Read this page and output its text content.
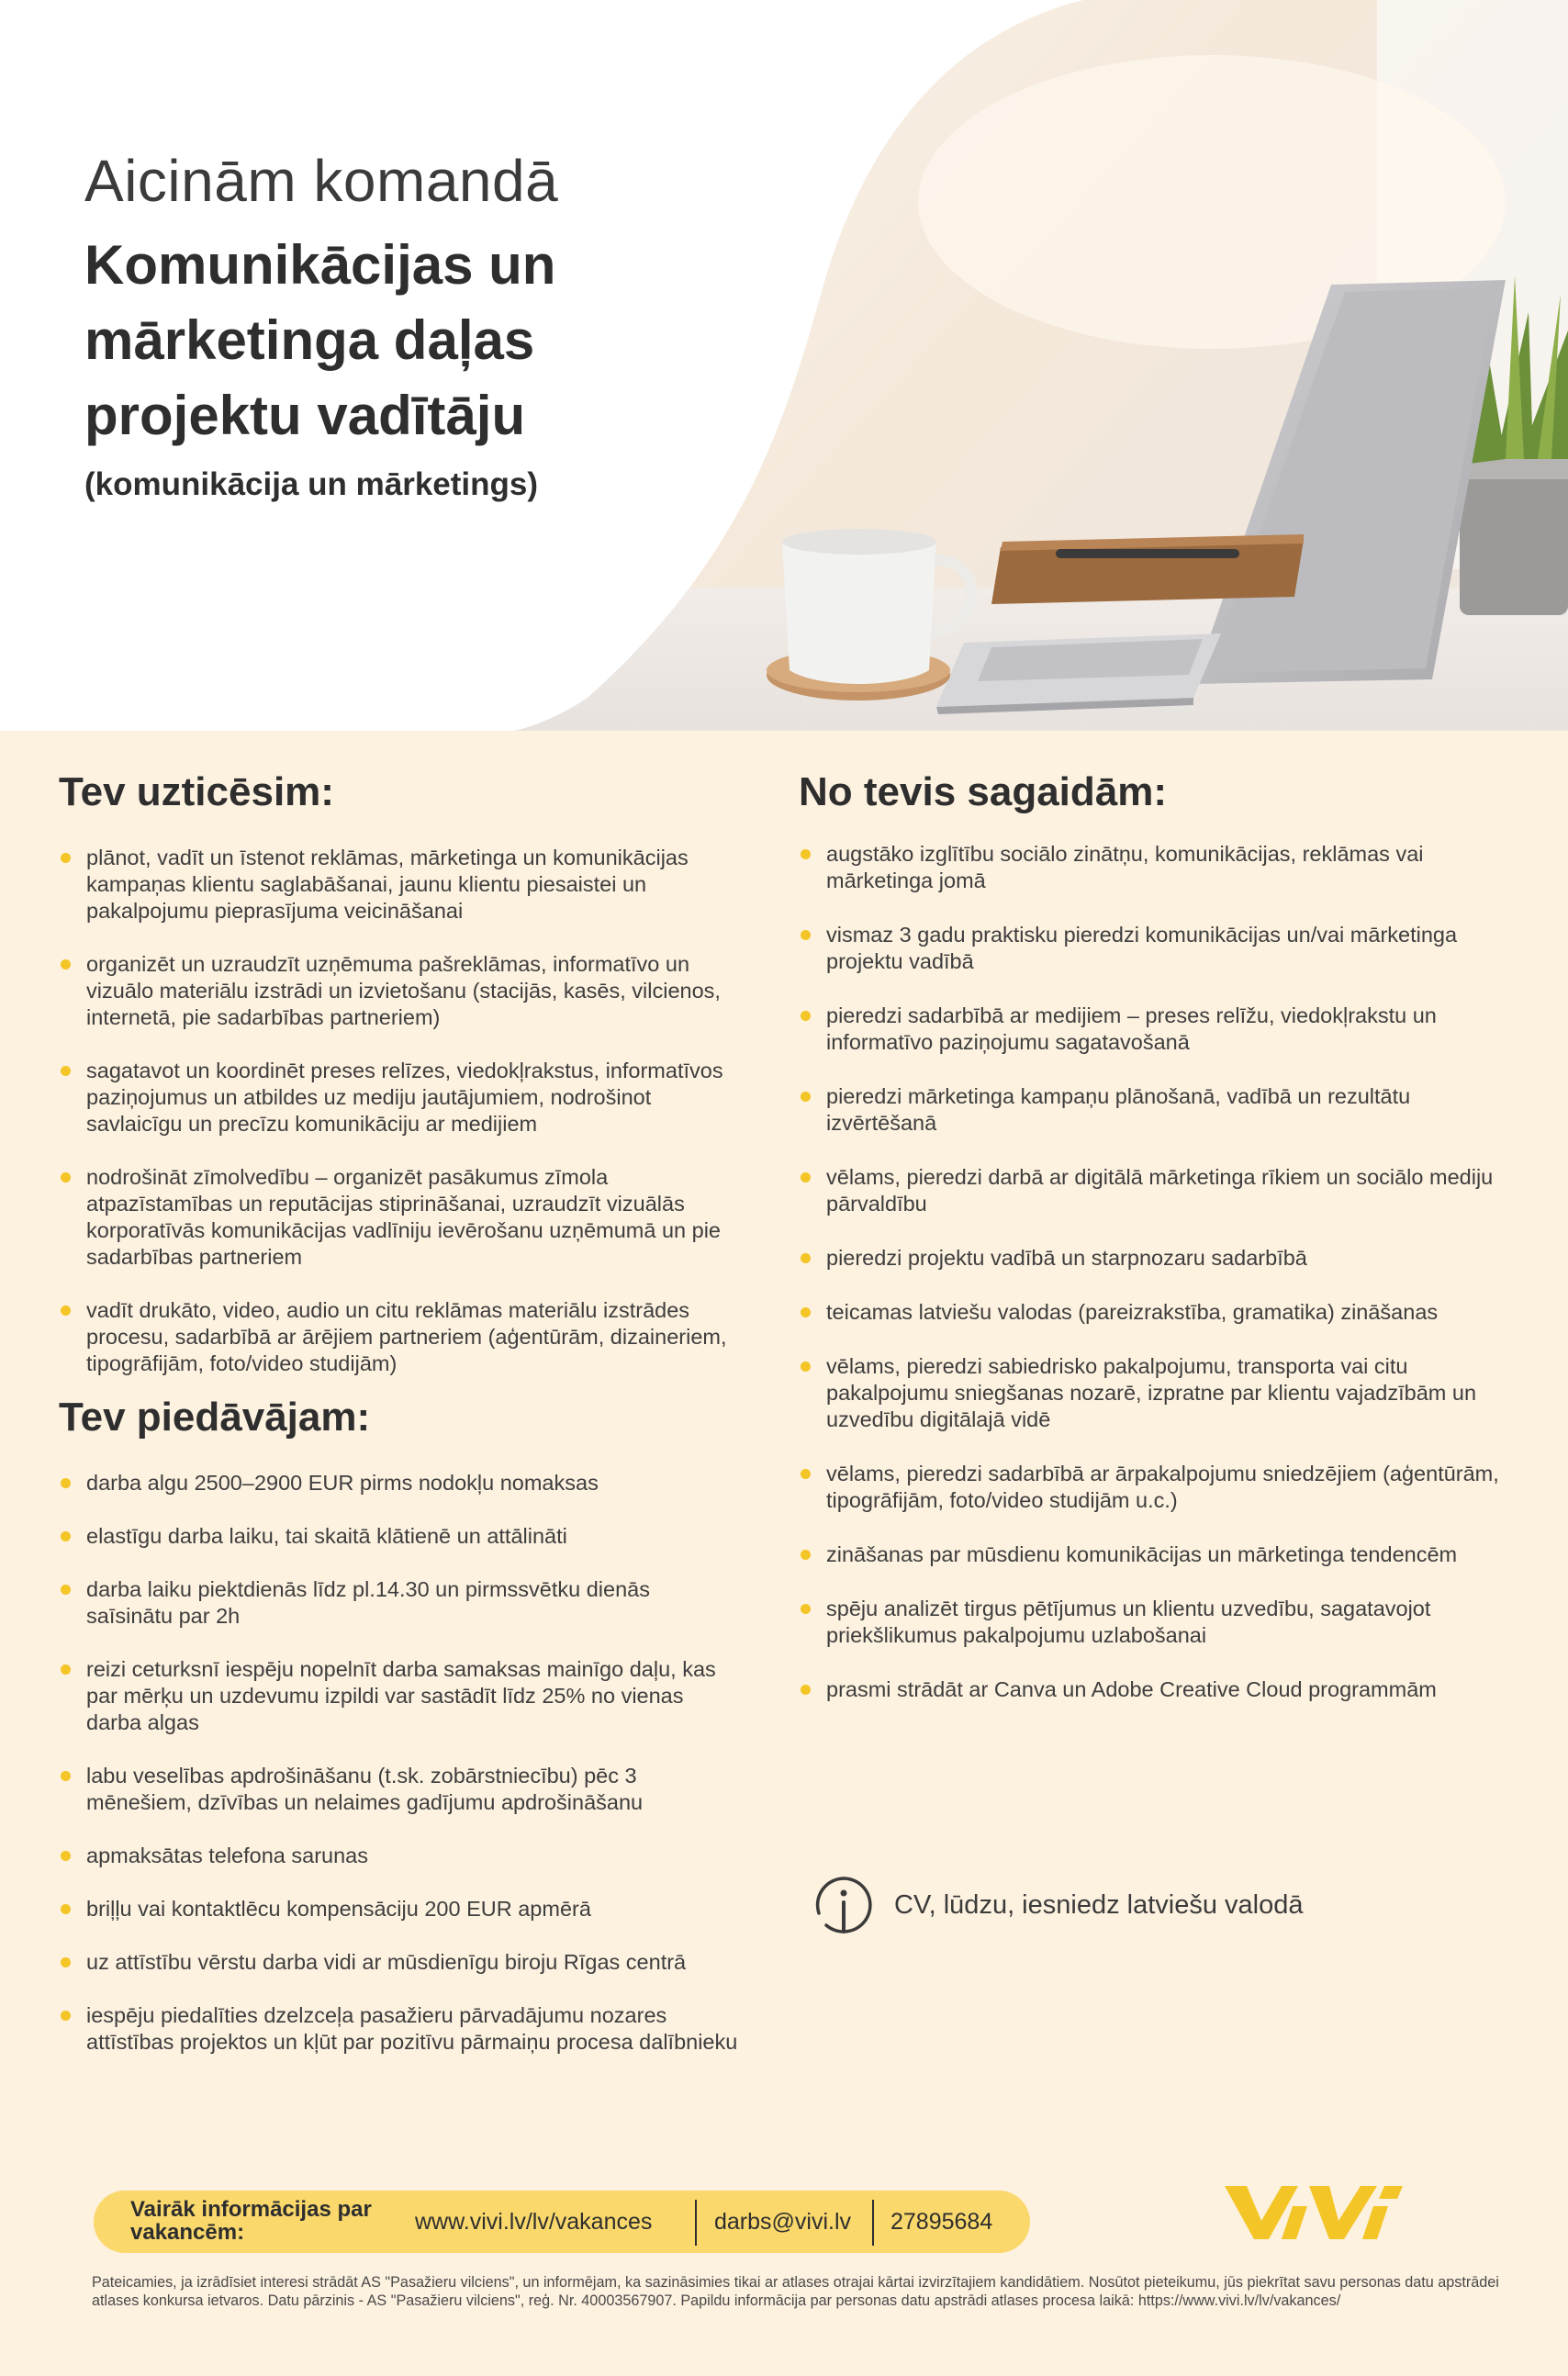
Aicinām komandā

Komunikācijas un
mārketinga daļas
projektu vadītāju

(komunikācija un mārketings)

Tev uzticēsim:
plānot, vadīt un īstenot reklāmas, mārketinga un komunikācijas kampaņas klientu saglabāšanai, jaunu klientu piesaistei un pakalpojumu pieprasījuma veicināšanai
organizēt un uzraudzīt uzņēmuma pašreklāmas, informatīvo un vizuālo materiālu izstrādi un izvietošanu (stacijās, kasēs, vilcienos, internetā, pie sadarbības partneriem)
sagatavot un koordinēt preses relīzes, viedokļrakstus, informatīvos paziņojumus un atbildes uz mediju jautājumiem, nodrošinot savlaicīgu un precīzu komunikāciju ar medijiem
nodrošināt zīmolvedību – organizēt pasākumus zīmola atpazīstamības un reputācijas stiprināšanai, uzraudzīt vizuālās korporatīvās komunikācijas vadlīniju ievērošanu uzņēmumā un pie sadarbības partneriem
vadīt drukāto, video, audio un citu reklāmas materiālu izstrādes procesu, sadarbībā ar ārējiem partneriem (aģentūrām, dizaineriem, tipogrāfijām, foto/video studijām)
Tev piedāvājam:
darba algu 2500–2900 EUR pirms nodokļu nomaksas
elastīgu darba laiku, tai skaitā klātienē un attālināti
darba laiku piektdienās līdz pl.14.30 un pirmssvētku dienās saīsinātu par 2h
reizi ceturksnī iespēju nopelnīt darba samaksas mainīgo daļu, kas par mērķu un uzdevumu izpildi var sastādīt līdz 25% no vienas darba algas
labu veselības apdrošināšanu (t.sk. zobārstniecību) pēc 3 mēnešiem, dzīvības un nelaimes gadījumu apdrošināšanu
apmaksātas telefona sarunas
briļļu vai kontaktlēcu kompensāciju 200 EUR apmērā
uz attīstību vērstu darba vidi ar mūsdienīgu biroju Rīgas centrā
iespēju piedalīties dzelzceļa pasažieru pārvadājumu nozares attīstības projektos un kļūt par pozitīvu pārmaiņu procesa dalībnieku
No tevis sagaidām:
augstāko izglītību sociālo zinātņu, komunikācijas, reklāmas vai mārketinga jomā
vismaz 3 gadu praktisku pieredzi komunikācijas un/vai mārketinga projektu vadībā
pieredzi sadarbībā ar medijiem – preses relīžu, viedokļrakstu un informatīvo paziņojumu sagatavošanā
pieredzi mārketinga kampaņu plānošanā, vadībā un rezultātu izvērtēšanā
vēlams, pieredzi darbā ar digitālā mārketinga rīkiem un sociālo mediju pārvaldību
pieredzi projektu vadībā un starpnozaru sadarbībā
teicamas latviešu valodas (pareizrakstība, gramatika) zināšanas
vēlams, pieredzi sabiedrisko pakalpojumu, transporta vai citu pakalpojumu sniegšanas nozarē, izpratne par klientu vajadzībām un uzvedību digitālajā vidē
vēlams, pieredzi sadarbībā ar ārpakalpojumu sniedzējiem (aģentūrām, tipogrāfijām, foto/video studijām u.c.)
zināšanas par mūsdienu komunikācijas un mārketinga tendencēm
spēju analizēt tirgus pētījumus un klientu uzvedību, sagatavojot priekšlikumus pakalpojumu uzlabošanai
prasmi strādāt ar Canva un Adobe Creative Cloud programmām
CV, lūdzu, iesniedz latviešu valodā
Vairāk informācijas par vakancēm:	www.vivi.lv/lv/vakances	darbs@vivi.lv 27895684

Pateicamies, ja izrādīsiet interesi strādāt AS "Pasažieru vilciens", un informējam, ka sazināsimies tikai ar atlases otrajai kārtai izvirzītajiem kandidātiem. Nosūtot pieteikumu, jūs piekrītat savu personas datu apstrādei atlases konkursa ietvaros. Datu pārzinis - AS "Pasažieru vilciens", reģ. Nr. 40003567907. Papildu informācija par personas datu apstrādi atlases procesa laikā: https://www.vivi.lv/lv/vakances/
